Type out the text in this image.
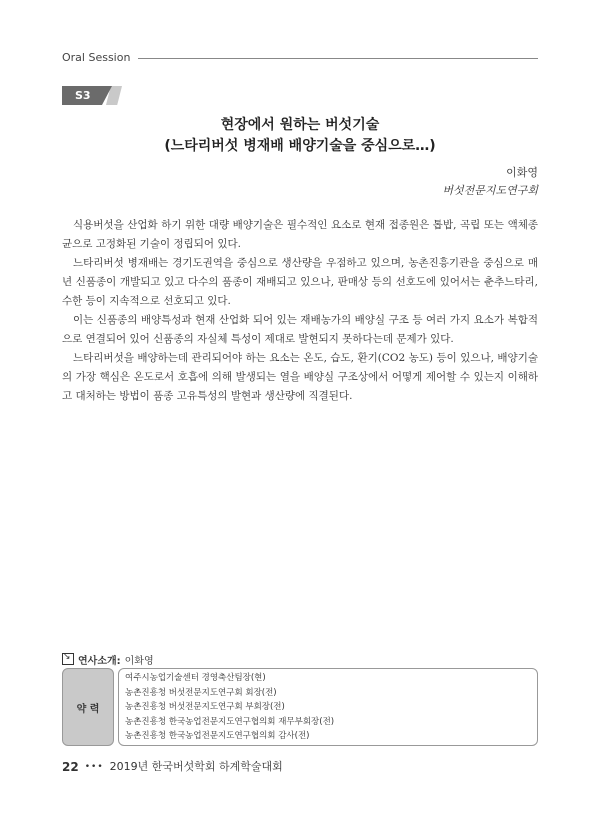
Oral Session
S3
현장에서 원하는 버섯기술
(느타리버섯 병재배 배양기술을 중심으로…)
이화영
버섯전문지도연구회

식용버섯을 산업화 하기 위한 대량 배양기술은 필수적인 요소로 현재 접종원은 톱밥, 곡립 또는 액체종균으로 고정화된 기술이 정립되어 있다.

느타리버섯 병재배는 경기도권역을 중심으로 생산량을 우점하고 있으며, 농촌진흥기관을 중심으로 매년 신품종이 개발되고 있고 다수의 품종이 재배되고 있으나, 판매상 등의 선호도에 있어서는 춘추느타리, 수한 등이 지속적으로 선호되고 있다.

이는 신품종의 배양특성과 현재 산업화 되어 있는 재배농가의 배양실 구조 등 여러 가지 요소가 복합적으로 연결되어 있어 신품종의 자실체 특성이 제대로 발현되지 못하다는데 문제가 있다.

느타리버섯을 배양하는데 관리되어야 하는 요소는 온도, 습도, 환기(CO2 농도) 등이 있으나, 배양기술의 가장 핵심은 온도로서 호흡에 의해 발생되는 열을 배양실 구조상에서 어떻게 제어할 수 있는지 이해하고 대처하는 방법이 품종 고유특성의 발현과 생산량에 직결된다.

↘
연사소개: 이화영
약 력
여주시농업기술센터 경영축산팀장(현)
농촌진흥청 버섯전문지도연구회 회장(전)
농촌진흥청 버섯전문지도연구회 부회장(전)
농촌진흥청 한국농업전문지도연구협의회 재무부회장(전)
농촌진흥청 한국농업전문지도연구협의회 감사(전)
22 ••• 2019년 한국버섯학회 하계학술대회
